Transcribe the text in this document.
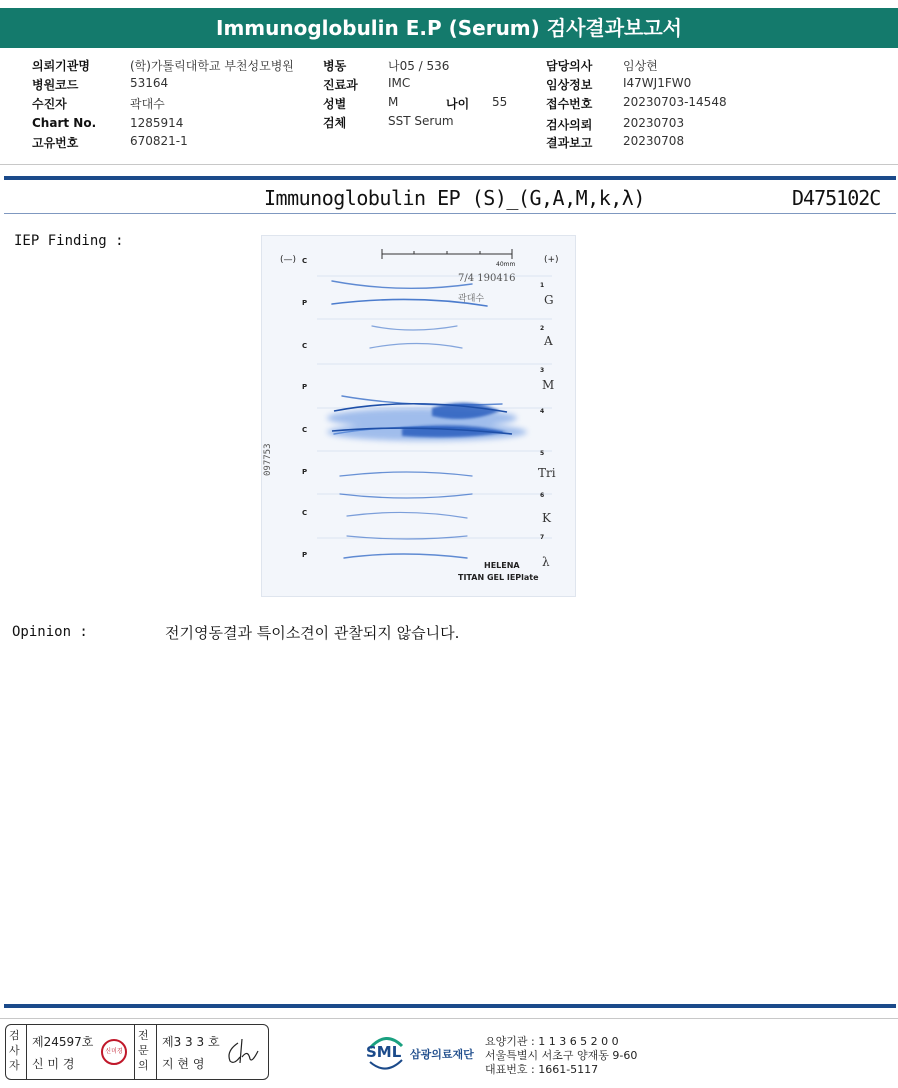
Immunoglobulin E.P (Serum) 검사결과보고서
의뢰기관명	(학)가톨릭대학교 부천성모병원
병원코드	53164
수진자	곽대수
Chart No.	1285914
고유번호	670821-1
병동	나05 / 536
진료과	IMC
성별	M	나이 55
검체	SST Serum
담당의사	임상현
임상정보	I47WJ1FW0
접수번호	20230703-14548
검사의뢰	20230703
결과보고	20230708
Immunoglobulin EP (S)_(G,A,M,k,λ)	D475102C
IEP Finding :
C
P
C
P
C
P
C
P
(—)	(+)
40mm
7/4 190416
곽대수
097753
1
2
3
4
5
6
7
G
A
M
Tri
K
λ
HELENA
TITAN GEL IEPlate
Opinion :	전기영동결과 특이소견이 관찰되지 않습니다.
검사자
제24597호
신 미 경
신미경
전문의
제3 3 3 호
지 현 영
SML 삼광의료재단
요양기관 : 1 1 3 6 5 2 0 0
서울특별시 서초구 양재동 9-60
대표번호 : 1661-5117
